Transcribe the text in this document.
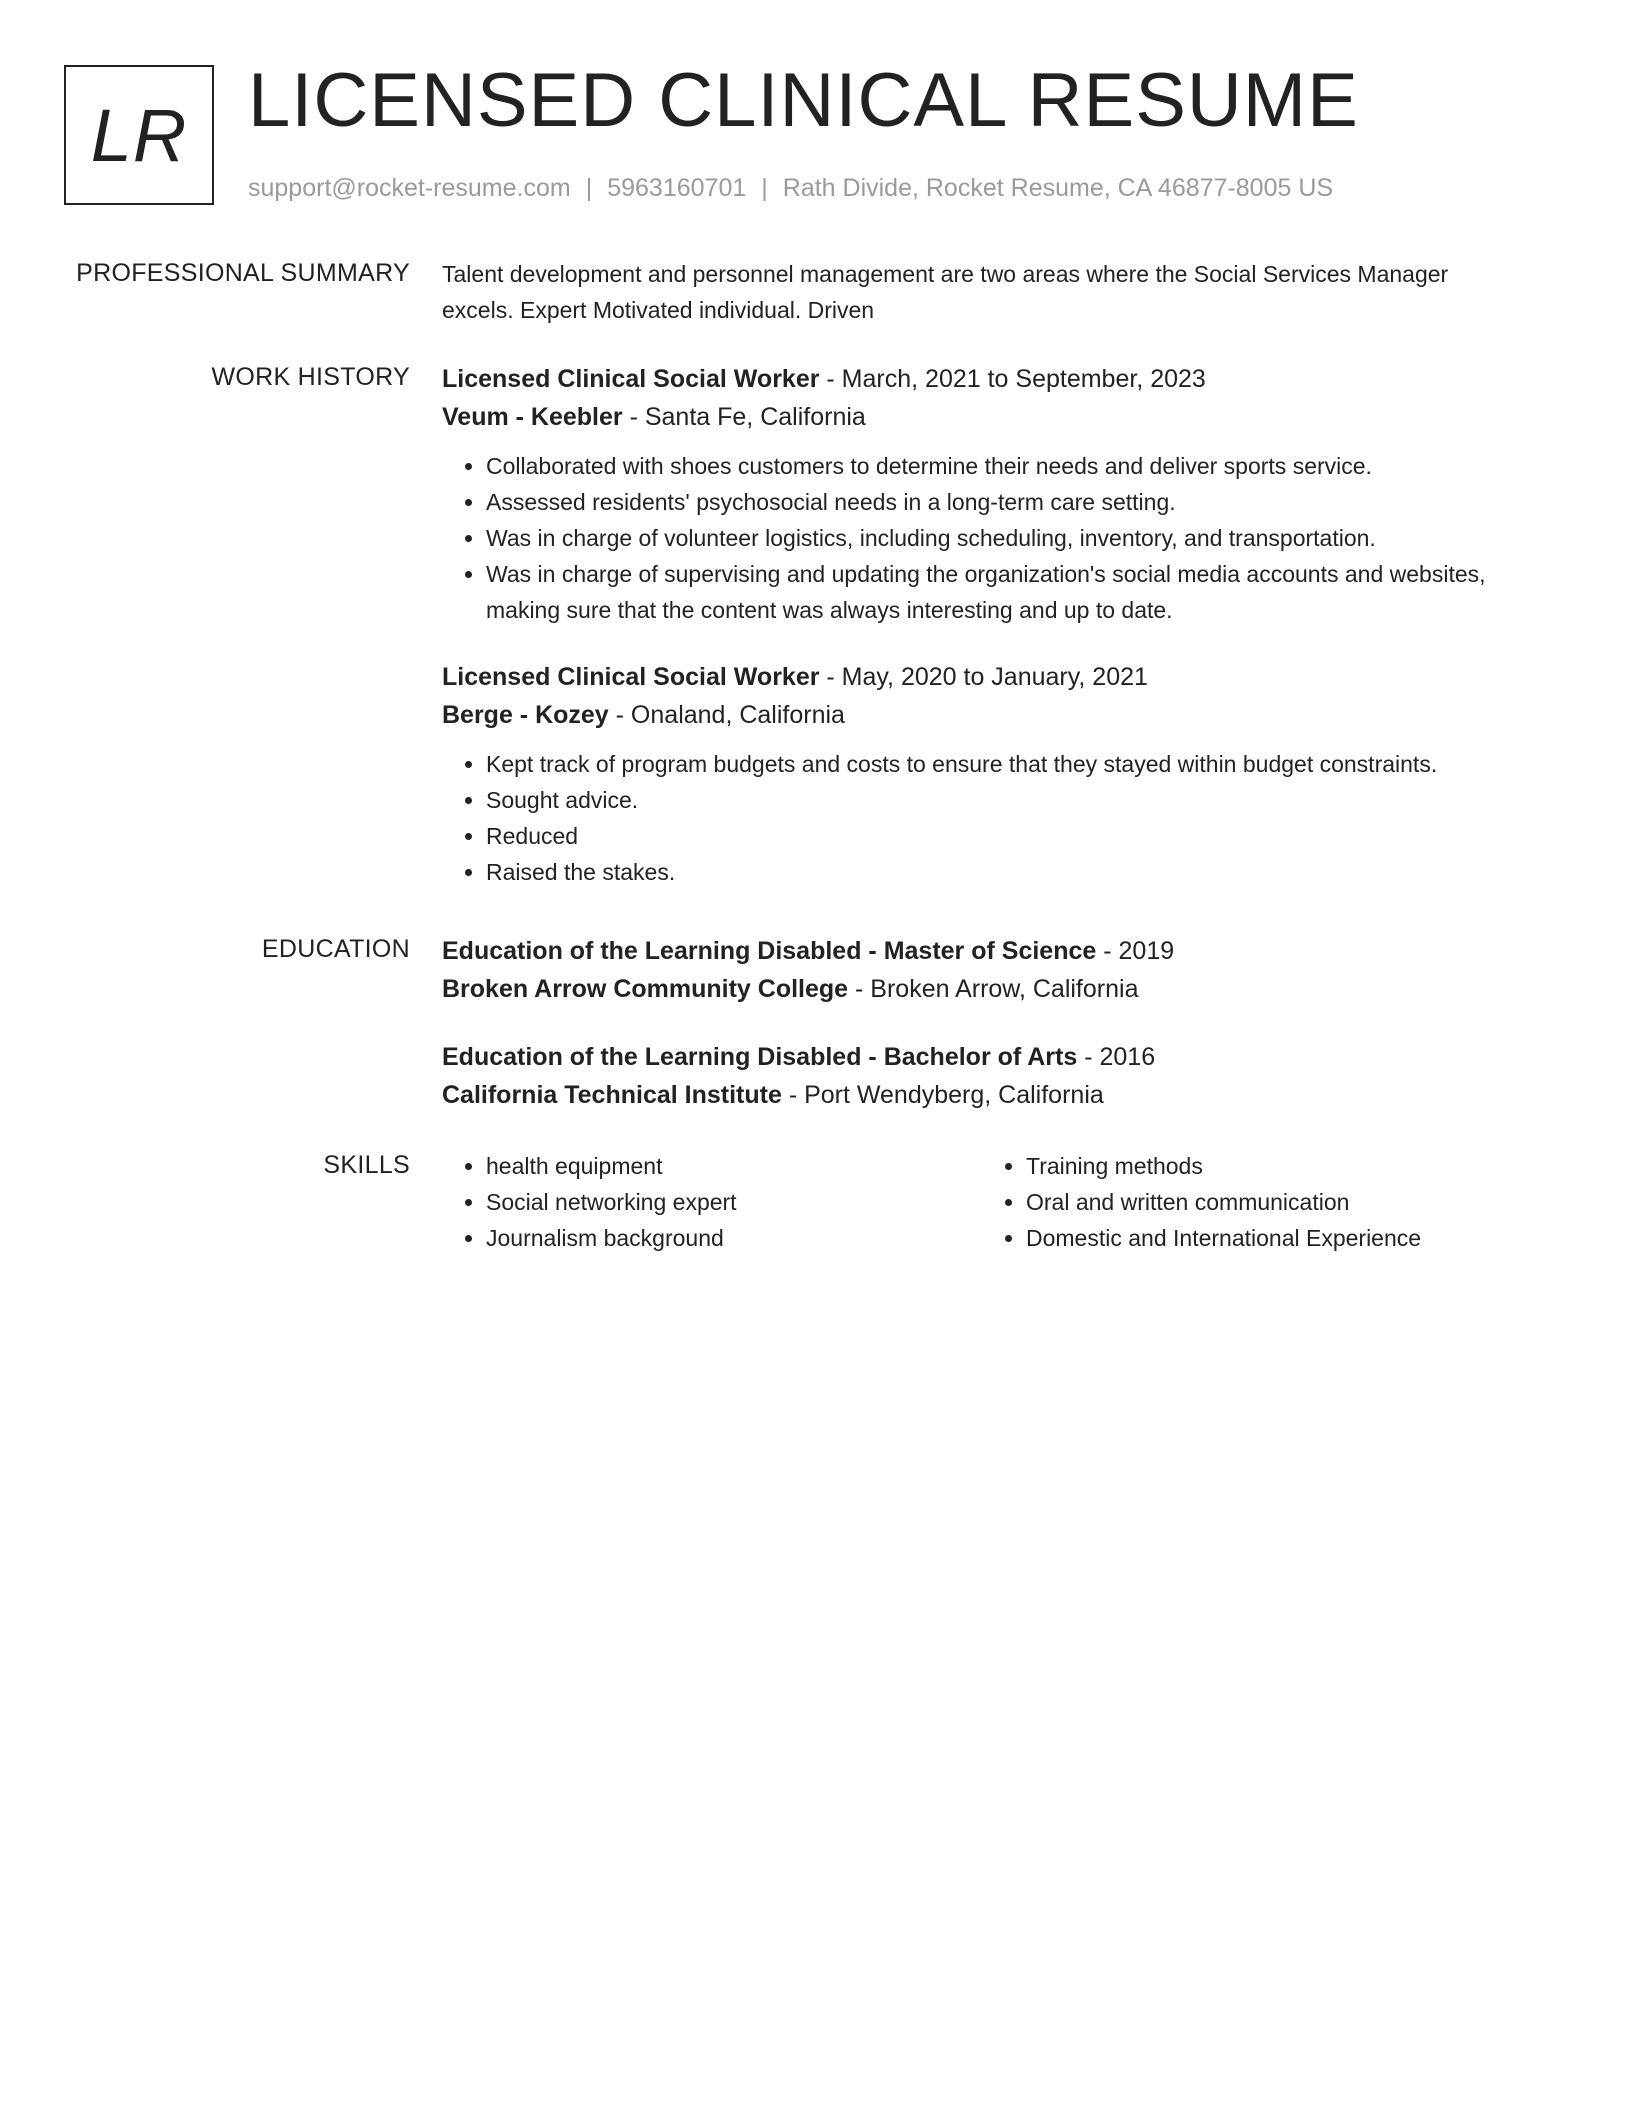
LR LICENSED CLINICAL RESUME
support@rocket-resume.com | 5963160701 | Rath Divide, Rocket Resume, CA 46877-8005 US
PROFESSIONAL SUMMARY Talent development and personnel management are two areas where the Social Services Manager excels. Expert Motivated individual. Driven

WORK HISTORY Licensed Clinical Social Worker - March, 2021 to September, 2023
Veum - Keebler - Santa Fe, California
• Collaborated with shoes customers to determine their needs and deliver sports service.
• Assessed residents' psychosocial needs in a long-term care setting.
• Was in charge of volunteer logistics, including scheduling, inventory, and transportation.
• Was in charge of supervising and updating the organization's social media accounts and websites, making sure that the content was always interesting and up to date.
Licensed Clinical Social Worker - May, 2020 to January, 2021
Berge - Kozey - Onaland, California
• Kept track of program budgets and costs to ensure that they stayed within budget constraints.
• Sought advice.
• Reduced
• Raised the stakes.
EDUCATION Education of the Learning Disabled - Master of Science - 2019
Broken Arrow Community College - Broken Arrow, California
Education of the Learning Disabled - Bachelor of Arts - 2016
California Technical Institute - Port Wendyberg, California
SKILLS
•	health equipment
• Social networking expert
• Journalism background
• Training methods
• Oral and written communication
• Domestic and International Experience
